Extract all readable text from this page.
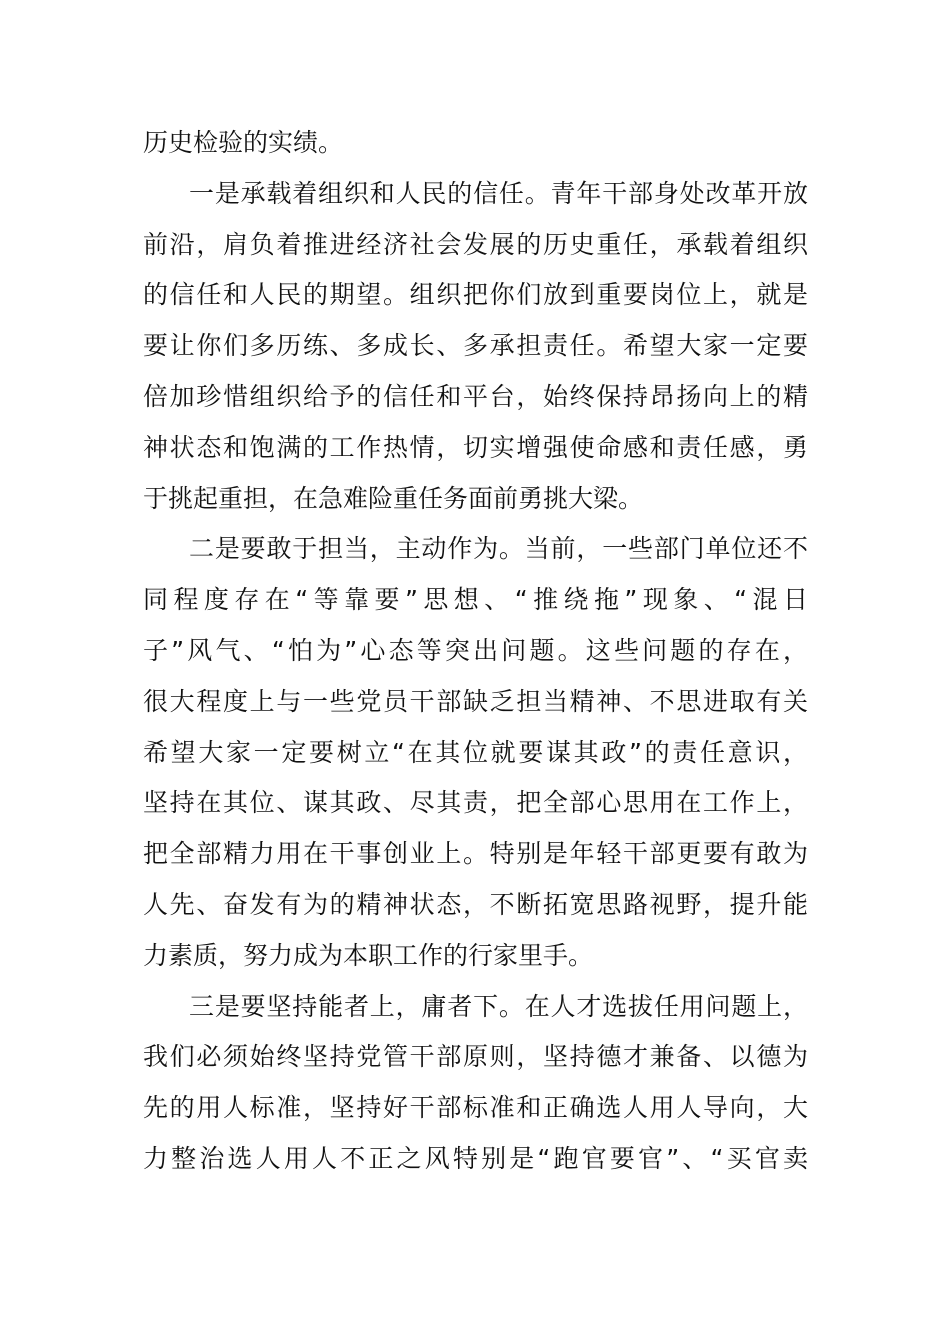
历史检验的实绩。
一是承载着组织和人民的信任。青年干部身处改革开放
前沿，肩负着推进经济社会发展的历史重任，承载着组织
的信任和人民的期望。组织把你们放到重要岗位上，就是
要让你们多历练、多成长、多承担责任。希望大家一定要
倍加珍惜组织给予的信任和平台，始终保持昂扬向上的精
神状态和饱满的工作热情，切实增强使命感和责任感，勇
于挑起重担，在急难险重任务面前勇挑大梁。
二是要敢于担当，主动作为。当前，一些部门单位还不
同程度存在“等靠要”思想、“推绕拖”现象、“混日
子”风气、“怕为”心态等突出问题。这些问题的存在，
很大程度上与一些党员干部缺乏担当精神、不思进取有关
希望大家一定要树立“在其位就要谋其政”的责任意识，
坚持在其位、谋其政、尽其责，把全部心思用在工作上，
把全部精力用在干事创业上。特别是年轻干部更要有敢为
人先、奋发有为的精神状态，不断拓宽思路视野，提升能
力素质，努力成为本职工作的行家里手。
三是要坚持能者上，庸者下。在人才选拔任用问题上，
我们必须始终坚持党管干部原则，坚持德才兼备、以德为
先的用人标准，坚持好干部标准和正确选人用人导向，大
力整治选人用人不正之风特别是“跑官要官”、“买官卖
